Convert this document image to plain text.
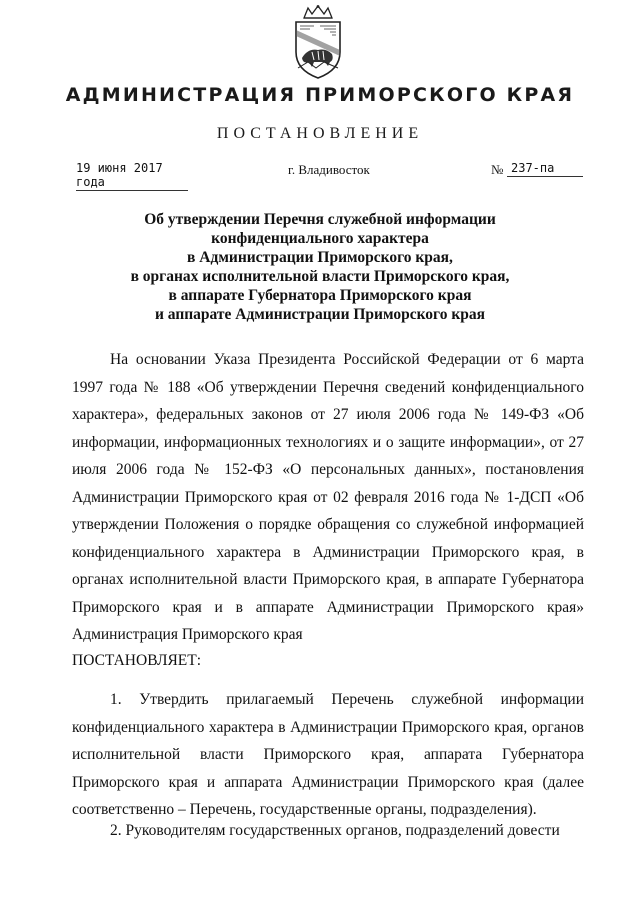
АДМИНИСТРАЦИЯ ПРИМОРСКОГО КРАЯ
ПОСТАНОВЛЕНИЕ
19 июня 2017 года
г. Владивосток	№ 237-па
Об утверждении Перечня служебной информации
конфиденциального характера
в Администрации Приморского края,
в органах исполнительной власти Приморского края,
в аппарате Губернатора Приморского края
и аппарате Администрации Приморского края
На основании Указа Президента Российской Федерации от 6 марта 1997 года № 188 «Об утверждении Перечня сведений конфиденциального характера», федеральных законов от 27 июля 2006 года № 149-ФЗ «Об информации, информационных технологиях и о защите информации», от 27 июля 2006 года № 152-ФЗ «О персональных данных», постановления Администрации Приморского края от 02 февраля 2016 года № 1-ДСП «Об утверждении Положения о порядке обращения со служебной информацией конфиденциального характера в Администрации Приморского края, в органах исполнительной власти Приморского края, в аппарате Губернатора Приморского края и в аппарате Администрации Приморского края» Администрация Приморского края
ПОСТАНОВЛЯЕТ:
1. Утвердить прилагаемый Перечень служебной информации конфиденциального характера в Администрации Приморского края, органов исполнительной власти Приморского края, аппарата Губернатора Приморского края и аппарата Администрации Приморского края (далее соответственно – Перечень, государственные органы, подразделения).
2. Руководителям государственных органов, подразделений довести
